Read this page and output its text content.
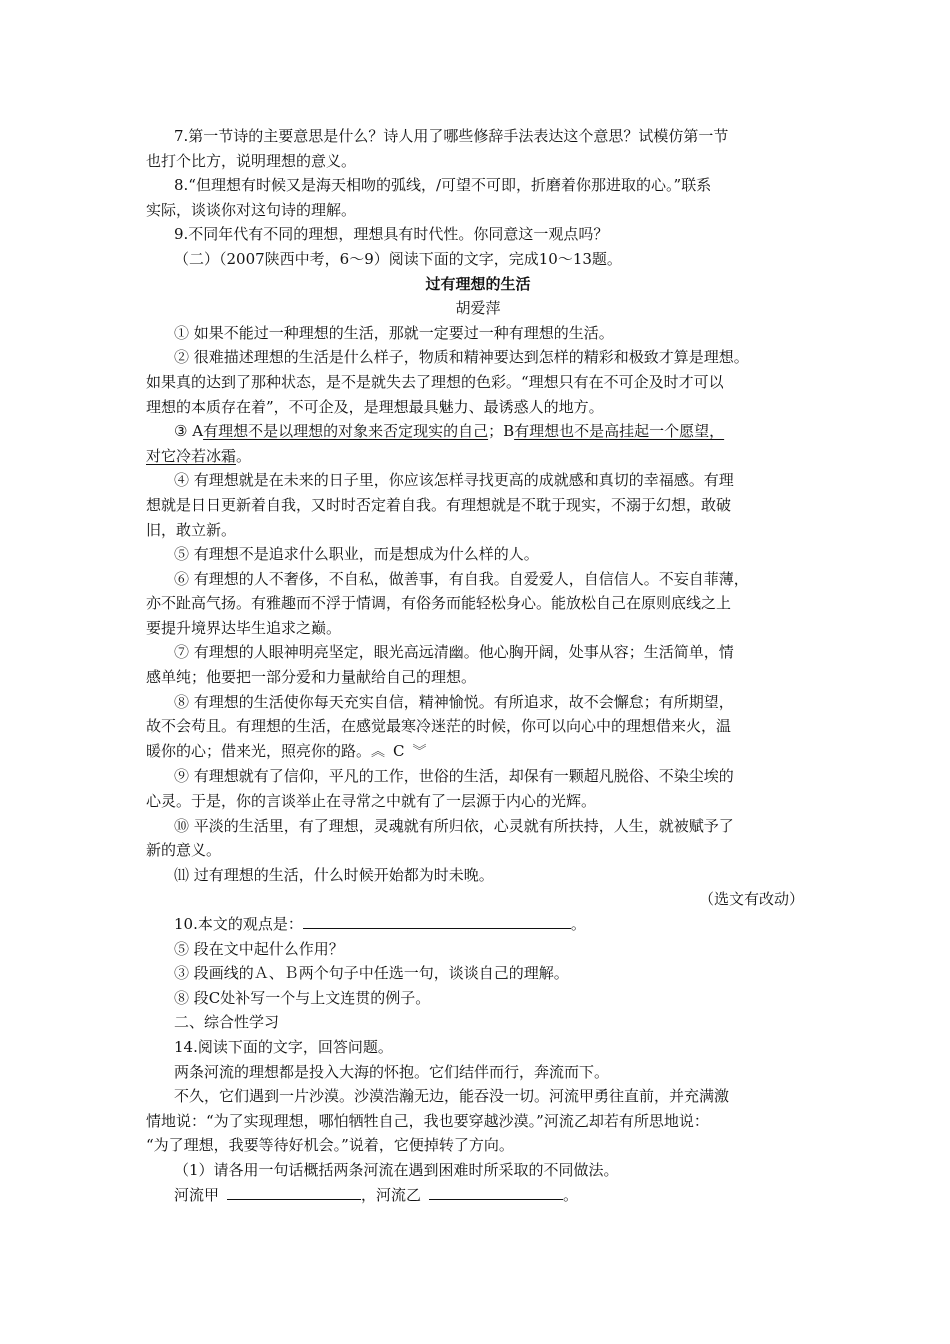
7.第一节诗的主要意思是什么？诗人用了哪些修辞手法表达这个意思？试模仿第一节
也打个比方，说明理想的意义。
8.“但理想有时候又是海天相吻的弧线，/可望不可即，折磨着你那进取的心。”联系
实际，谈谈你对这句诗的理解。
9.不同年代有不同的理想，理想具有时代性。你同意这一观点吗？
（二）（2007陕西中考，6～9）阅读下面的文字，完成10～13题。
过有理想的生活
胡爱萍
① 如果不能过一种理想的生活，那就一定要过一种有理想的生活。
② 很难描述理想的生活是什么样子，物质和精神要达到怎样的精彩和极致才算是理想。
如果真的达到了那种状态，是不是就失去了理想的色彩。“理想只有在不可企及时才可以
理想的本质存在着”，不可企及，是理想最具魅力、最诱惑人的地方。
③ A有理想不是以理想的对象来否定现实的自己；B有理想也不是高挂起一个愿望，
对它冷若冰霜。
④ 有理想就是在未来的日子里，你应该怎样寻找更高的成就感和真切的幸福感。有理
想就是日日更新着自我，又时时否定着自我。有理想就是不耽于现实，不溺于幻想，敢破
旧，敢立新。
⑤ 有理想不是追求什么职业，而是想成为什么样的人。
⑥ 有理想的人不奢侈，不自私，做善事，有自我。自爱爱人，自信信人。不妄自菲薄，
亦不趾高气扬。有雅趣而不浮于情调，有俗务而能轻松身心。能放松自己在原则底线之上
要提升境界达毕生追求之巅。
⑦ 有理想的人眼神明亮坚定，眼光高远清幽。他心胸开阔，处事从容；生活简单，情
感单纯；他要把一部分爱和力量献给自己的理想。
⑧ 有理想的生活使你每天充实自信，精神愉悦。有所追求，故不会懈怠；有所期望，
故不会苟且。有理想的生活，在感觉最寒冷迷茫的时候，你可以向心中的理想借来火，温
暖你的心；借来光，照亮你的路。︽ C ︾
⑨ 有理想就有了信仰，平凡的工作，世俗的生活，却保有一颗超凡脱俗、不染尘埃的
心灵。于是，你的言谈举止在寻常之中就有了一层源于内心的光辉。
⑩ 平淡的生活里，有了理想，灵魂就有所归依，心灵就有所扶持，人生，就被赋予了
新的意义。
⑾ 过有理想的生活，什么时候开始都为时未晚。
（选文有改动）
10.本文的观点是：	。
⑤ 段在文中起什么作用？
③ 段画线的Ａ、Ｂ两个句子中任选一句，谈谈自己的理解。
⑧ 段C处补写一个与上文连贯的例子。
二、综合性学习
14.阅读下面的文字，回答问题。
两条河流的理想都是投入大海的怀抱。它们结伴而行，奔流而下。
不久，它们遇到一片沙漠。沙漠浩瀚无边，能吞没一切。河流甲勇往直前，并充满激
情地说：“为了实现理想，哪怕牺牲自己，我也要穿越沙漠。”河流乙却若有所思地说：
“为了理想，我要等待好机会。”说着，它便掉转了方向。
（1）请各用一句话概括两条河流在遇到困难时所采取的不同做法。
河流甲	，河流乙	。
